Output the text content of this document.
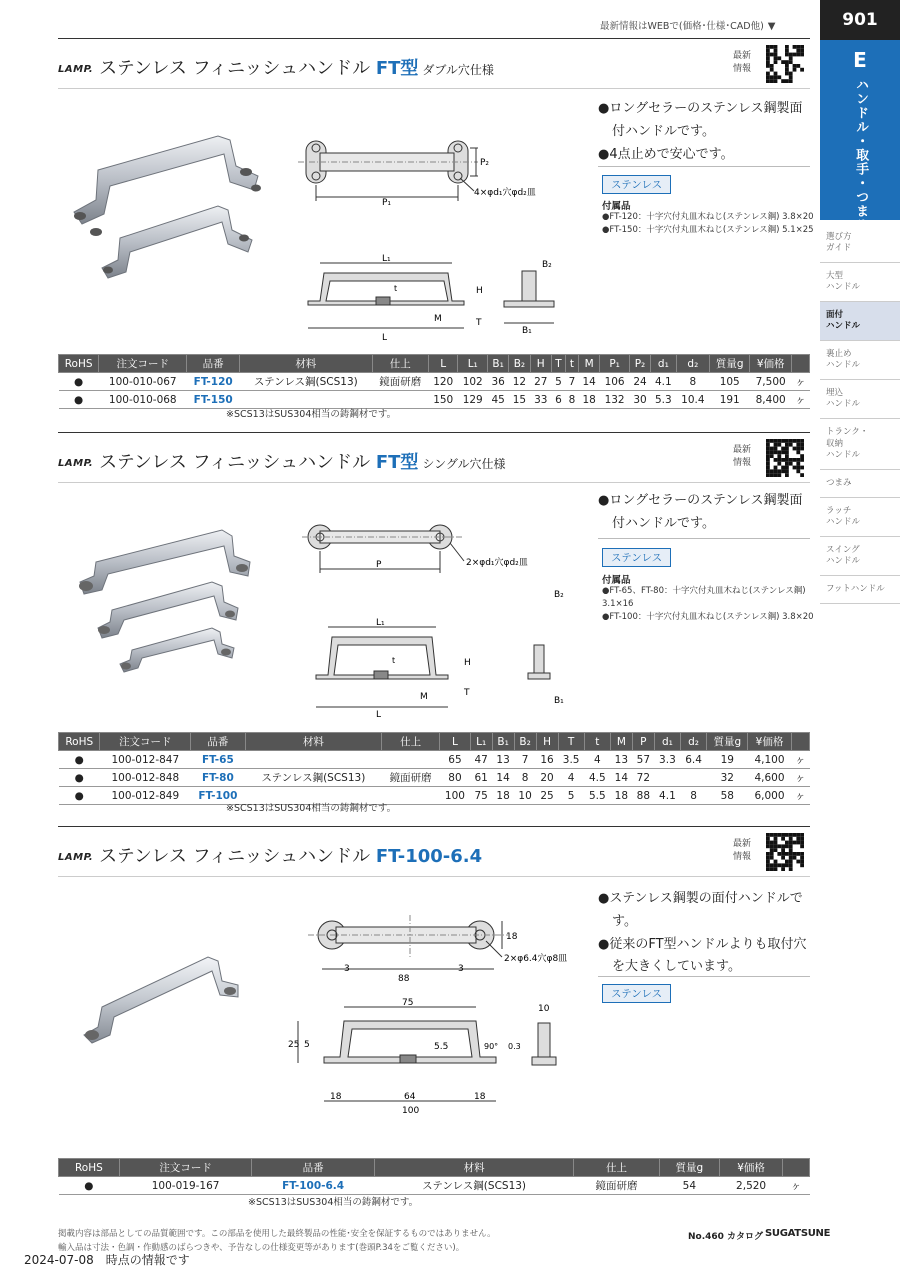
最新情報はWEBで(価格･仕様･CAD他) ▼	901
E
ハンドル・取手・つまみ
選び方
ガイド
大型
ハンドル
面付
ハンドル
裏止め
ハンドル
埋込
ハンドル
トランク・
収納
ハンドル
つまみ
ラッチ
ハンドル
スイング
ハンドル
フットハンドル
LAMP. ステンレス フィニッシュハンドル FT型 ダブル穴仕様
最新
情報
P₁
P₂
4×φd₁穴φd₂皿
L₁
L
M
H
T
t
B₂
B₁
●ロングセラーのステンレス鋼製面付ハンドルです。
●4点止めで安心です。
ステンレス
付属品
●FT-120：十字穴付丸皿木ねじ(ステンレス鋼) 3.8×20
●FT-150：十字穴付丸皿木ねじ(ステンレス鋼) 5.1×25
RoHS	注文コード	品番	材料	仕上	L	L₁	B₁	B₂	H	T	t	M	P₁	P₂	d₁	d₂	質量g	¥価格	
●	100-010-067	FT-120	ステンレス鋼(SCS13)	鏡面研磨	120	102	36	12	27	5	7	14	106	24	4.1	8	105	7,500	ヶ
●	100-010-068	FT-150			150	129	45	15	33	6	8	18	132	30	5.3	10.4	191	8,400	ヶ
※SCS13はSUS304相当の鋳鋼材です。
LAMP. ステンレス フィニッシュハンドル FT型 シングル穴仕様
最新
情報
P	2×φd₁穴φd₂皿
L₁
L
M
H
T
t
B₂
B₁
●ロングセラーのステンレス鋼製面付ハンドルです。
ステンレス
付属品
●FT-65、FT-80：十字穴付丸皿木ねじ(ステンレス鋼) 3.1×16
●FT-100：十字穴付丸皿木ねじ(ステンレス鋼) 3.8×20
RoHS	注文コード	品番	材料	仕上	L	L₁	B₁	B₂	H	T	t	M	P	d₁	d₂	質量g	¥価格	
●	100-012-847	FT-65			65	47	13	7	16	3.5	4	13	57	3.3	6.4	19	4,100	ヶ
●	100-012-848	FT-80	ステンレス鋼(SCS13)	鏡面研磨	80	61	14	8	20	4	4.5	14	72			32	4,600	ヶ
●	100-012-849	FT-100			100	75	18	10	25	5	5.5	18	88	4.1	8	58	6,000	ヶ
※SCS13はSUS304相当の鋳鋼材です。
LAMP. ステンレス フィニッシュハンドル FT-100-6.4
最新
情報
3	3
88
18
2×φ6.4穴φ8皿
75
25 5	5.5	90° 0.3
10
18	64	18
100
●ステンレス鋼製の面付ハンドルです。
●従来のFT型ハンドルよりも取付穴を大きくしています。
ステンレス
RoHS	注文コード	品番	材料	仕上	質量g	¥価格	
●	100-019-167	FT-100-6.4	ステンレス鋼(SCS13)	鏡面研磨	54	2,520	ヶ
※SCS13はSUS304相当の鋳鋼材です。
掲載内容は部品としての品質範囲です。この部品を使用した最終製品の性能･安全を保証するものではありません。
輸入品は寸法・色調・作動感のばらつきや、予告なしの仕様変更等があります(巻頭P.34をご覧ください)。
2024-07-08　時点の情報です
No.460 カタログ SUGATSUNE
